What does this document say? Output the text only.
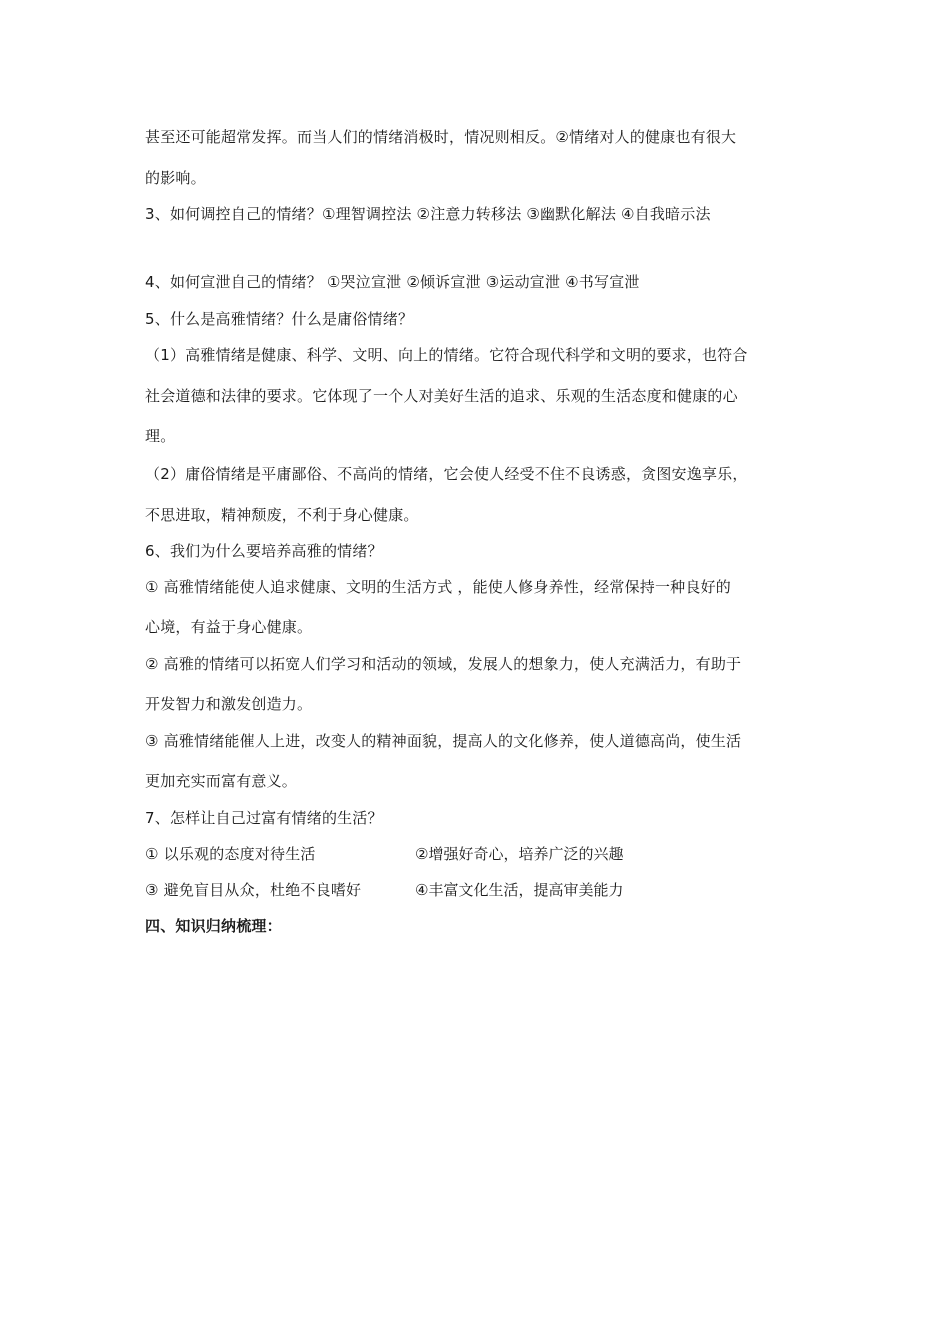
甚至还可能超常发挥。而当人们的情绪消极时，情况则相反。②情绪对人的健康也有很大
的影响。
3、如何调控自己的情绪？①理智调控法 ②注意力转移法 ③幽默化解法 ④自我暗示法
4、如何宣泄自己的情绪？ ①哭泣宣泄 ②倾诉宣泄 ③运动宣泄 ④书写宣泄
5、什么是高雅情绪？什么是庸俗情绪？
（1）高雅情绪是健康、科学、文明、向上的情绪。它符合现代科学和文明的要求，也符合
社会道德和法律的要求。它体现了一个人对美好生活的追求、乐观的生活态度和健康的心
理。
（2）庸俗情绪是平庸鄙俗、不高尚的情绪，它会使人经受不住不良诱惑，贪图安逸享乐，
不思进取，精神颓废，不利于身心健康。
6、我们为什么要培养高雅的情绪？
① 高雅情绪能使人追求健康、文明的生活方式 ，能使人修身养性，经常保持一种良好的
心境，有益于身心健康。
② 高雅的情绪可以拓宽人们学习和活动的领域，发展人的想象力，使人充满活力，有助于
开发智力和激发创造力。
③ 高雅情绪能催人上进，改变人的精神面貌，提高人的文化修养，使人道德高尚，使生活
更加充实而富有意义。
7、怎样让自己过富有情绪的生活？
① 以乐观的态度对待生活	②增强好奇心，培养广泛的兴趣
③ 避免盲目从众，杜绝不良嗜好	④丰富文化生活，提高审美能力
四、知识归纳梳理：
